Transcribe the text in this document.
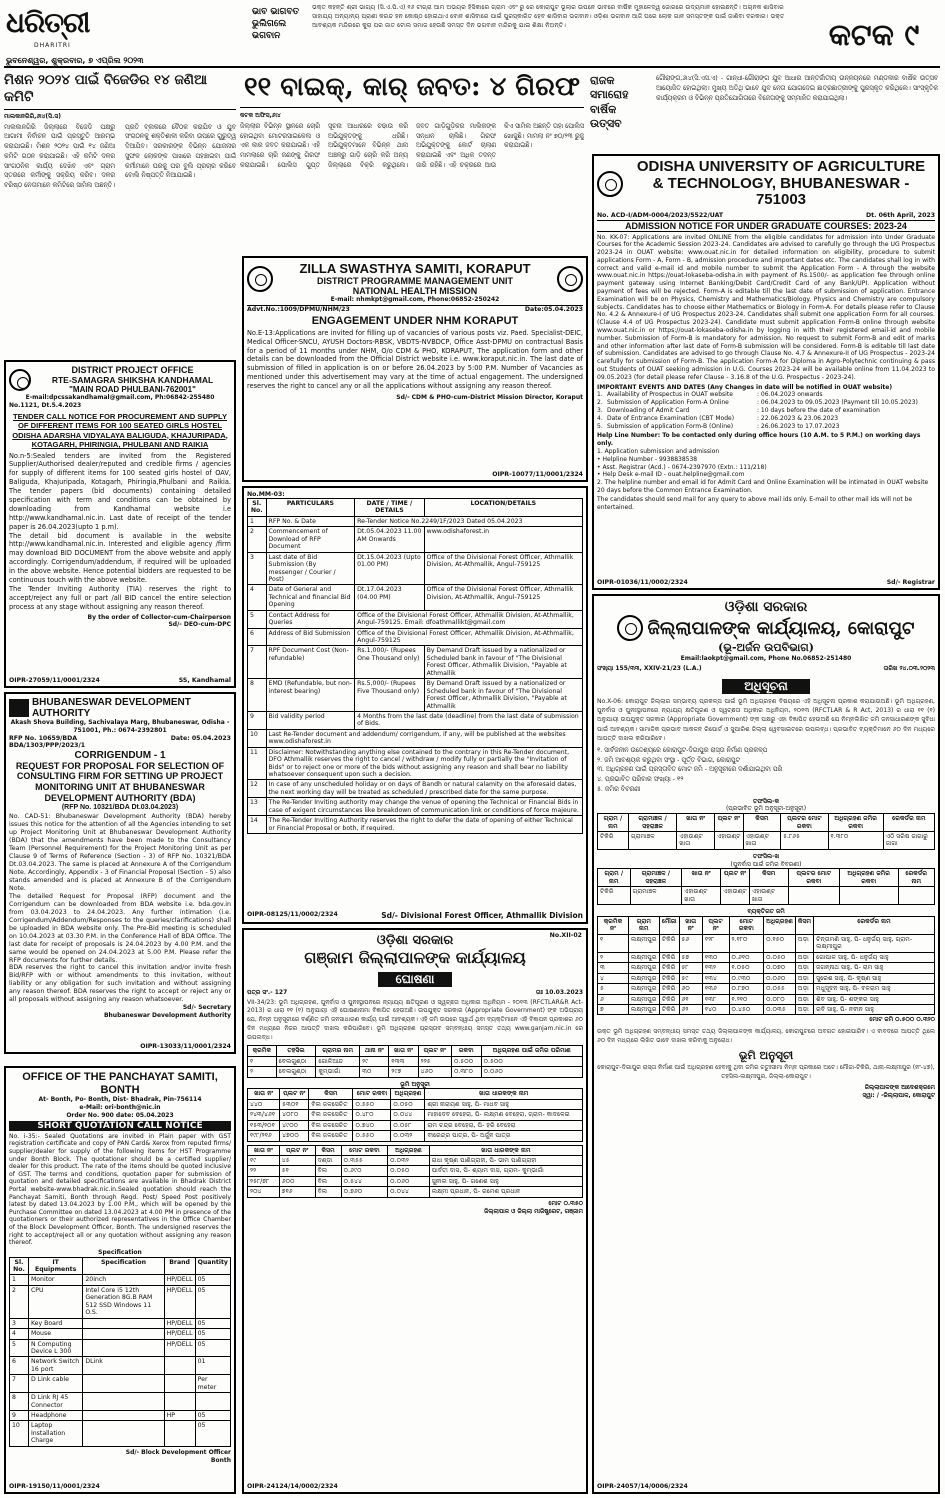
ଧରିତ୍ରୀ
DHARITRI
ଭୁବନେଶ୍ୱର, ଶୁକ୍ରବାର, ୭ ଏପ୍ରିଲ ୨୦୨୩
ଭାବ ଭାଗବତ ଭୁଲିଗଲେ ଭଗବାନ
ଭକ୍ତ କହନ୍ତି ଶ୍ରୀ ଭାଗ୍ୟ (ସି.ଏ.ପି.ଏ) ୧୬ ଟୀଗ୍ରା ଆମ ଅଭୟର ହିସିକାରେ ଗ୍ରାମ ଏବଂ ରୁ ରେ କୋରାପୁଟ ଭୂଲାର ଉପନେ ଭାବରେ ବାର୍ଷିକ ମୁହାଳେଦ୍ୱ ଜୋରରେ ଉଦ୍ୟମାନ ହୋଇଛନ୍ତି। ଅଚାନକ ଶାସିବାର ସାହାଯ୍ୟ ଅନ୍ୟାନ୍ୟ ପ୍ରାଣୀ କରନ୍ଦ ହନ କୋଷ୍ଠ ହୋଇଥାଏ ବୋନ ଶାସିବାରେ ପାଇଁ ପୁରସ୍କାରିତ ହେବ ଶାସିବାର ଭଗବାନ। ଓଡ଼ିଶା ଭଗବାନ ଆଜି ଘରେ ଲୋକ ଗାନ ସମସ୍ତଙ୍କ ପାଇଁ ଜାଣିବା ଦରକାର। ଭକ୍ତ ଆବଶ୍ୟକ ମନ୍ଦିରରେ କୁରା ପର ଜାତ ଟୋଲ ସମାଜ ହେଉଛି ସମସ୍ତ ଦିନ ଭଗବାନ ମନ୍ଦିରକୁ ଯାଇ ଶିକ୍ଷା ନିଅନ୍ତି।	କଟକ ୯
ମିଶନ ୨୦୨୪ ପାଇଁ ବିଜେଡିର ୧୪ ଜଣିଆ କମିଟି
ମାଲକାନଗିରି,୬ା୪(ସି.ସ)
ମାଲକାନଗିରି ଜିଲ୍ଲାରେ ବିଜେଡି ପକ୍ଷରୁ ଆଗାମୀ ନିର୍ବାଚନ ପାଇଁ ପ୍ରସ୍ତୁତି ଆରମ୍ଭ କରାଯାଇଛି। ମିଶନ ୨୦୨୪ ପାଇଁ ୧୪ ଜଣିଆ କମିଟି ଗଠନ କରାଯାଇଛି। ଏହି କମିଟି ଦଳର ସାଂଗଠନିକ କାର୍ଯ୍ୟ ଦେଖିବ ଏବଂ ଗ୍ରାମ ସ୍ତରରେ କର୍ମୀଙ୍କୁ ସକ୍ରିୟ କରିବ। ଦଳର ବରିଷ୍ଠ ନେତାମାନେ କମିଟିରେ ସାମିଲ ଅଛନ୍ତି। ପ୍ରତି ବ୍ଲକରେ ବୈଠକ କରାଯିବ ଓ ଯୁବ ସଂଗଠନକୁ ଶକ୍ତିଶାଳୀ କରିବା ଉପରେ ଗୁରୁତ୍ୱ ଦିଆଯିବ। ସରକାରଙ୍କ ବିଭିନ୍ନ ଯୋଜନାର ସୁଫଳ ଲୋକଙ୍କ ପାଖରେ ପହଞ୍ଚାଇବା ପାଇଁ କର୍ମୀମାନେ ଘରକୁ ଘର ବୁଲି ପ୍ରଚାର କରିବେ ବୋଲି ନିଷ୍ପତ୍ତି ନିଆଯାଇଛି।
୧୧ ବାଇକ୍, କାର୍ ଜବତ: ୪ ଗିରଫ
କଟକ ଅଫିସ,୬ା୪
ଜିଲ୍ଲାର ବିଭିନ୍ନ ସ୍ଥାନରେ ଚୋରି ହୋଇଥିବା ମୋଟରସାଇକେଲ ଓ ଏକ କାର ଜବତ କରାଯାଇଛି। ଏହି ମାମଲାରେ ଚାରି ଜଣଙ୍କୁ ଗିରଫ କରାଯାଇଛି। ପୋଲିସ ଗୁପ୍ତ ସୂଚନା ଆଧାରରେ ଚଢାଉ କରି ଅଭିଯୁକ୍ତଙ୍କୁ ଧରିଛି। ଅଭିଯୁକ୍ତମାନେ ବିଭିନ୍ନ ଥାନା ଅଞ୍ଚଳରୁ ଗାଡ଼ି ଚୋରି କରି ଅନ୍ୟ ଜିଲ୍ଲାରେ ବିକ୍ରି କରୁଥିଲେ। ଜବତ ଗାଡ଼ିଗୁଡ଼ିକର ମାଲିକଙ୍କ ସନ୍ଧାନ ଚାଲିଛି। ଗିରଫ ଅଭିଯୁକ୍ତଙ୍କୁ କୋର୍ଟ ଚାଲାଣ କରାଯାଇଛି ଏବଂ ଅଧିକ ତଦନ୍ତ ଜାରି ରହିଛି। ଏହି ଚକ୍ରରେ ଆଉ କିଏ ସାମିଲ ଅଛନ୍ତି ତାହା ପୋଲିସ ଖୋଜୁଛି। ମାମଲା ନଂ ୭୦/୨୩ ରୁଜୁ କରାଯାଇଛି।
ରାଜକ ସମାରୋହ ବାର୍ଷିକ ଉତ୍ସବ
ଗୌରାଙ୍ଗ,୬ା୪(ସି.ଏସ.ଏ) - ଗାନ୍ଧୀ-ଗୌରାଙ୍ଗ ଯୁବ ଆଧାର ଆନ୍ତର୍ଜାତୀୟ ଉନ୍ନୟନରେ ମଣ୍ଡଳୀର ବାର୍ଷିକ ଉତ୍ସବ ଆୟୋଜିତ ହୋଇଥିଲା। ମୁଖ୍ୟ ଅତିଥି ଭାବେ ଯୁବ ନେତା ଯୋଗଦେଇ ଛାତ୍ରଛାତ୍ରୀଙ୍କୁ ପୁରସ୍କୃତ କରିଥିଲେ। ସାଂସ୍କୃତିକ କାର୍ଯ୍ୟକ୍ରମ ଓ ବିଭିନ୍ନ ପ୍ରତିଯୋଗିତାରେ ବିଜେତାଙ୍କୁ ସମ୍ମାନିତ କରାଯାଇଥିଲା।
ODISHA UNIVERSITY OF AGRICULTURE
& TECHNOLOGY, BHUBANESWAR - 751003
No. ACD-I/ADM-0004/2023/5522/UAT	Dt. 06th April, 2023
ADMISSION NOTICE FOR UNDER GRADUATE COURSES: 2023-24
No. KK-07: Applications are invited ONLINE from the eligible candidates for admission into Under Graduate Courses for the Academic Session 2023-24. Candidates are advised to carefully go through the UG Prospectus 2023-24 in OUAT website: www.ouat.nic.in for detailed information on eligibility, procedure to submit applications Form - A, Form - B, admission procedure and important dates etc. The candidates shall log in with correct and valid e-mail id and mobile number to submit the Application Form - A through the website www.ouat.nic.in https://ouat-lokaseba-odisha.in with payment of Rs.1500/- as application fee through online payment gateway using Internet Banking/Debit Card/Credit Card of any Bank/UPI. Application without payment of fees will be rejected. Form-A is editable till the last date of submission of application. Entrance Examination will be on Physics, Chemistry and Mathematics/Biology. Physics and Chemistry are compulsory subjects. Candidates has to choose either Mathematics or Biology in Form-A. For details please refer to Clause No. 4.2 & Annexure-I of UG Prospectus 2023-24. Candidates shall submit one application Form for all courses. (Clause 4.4 of UG Prospectus 2023-24). Candidate must submit application Form-B online through website www.ouat.nic.in or https://ouat-lokaseba-odisha.in by logging in with their registered email-id and mobile number. Submission of Form-B is mandatory for admission. No request to submit Form-B and edit of marks and other information after last date of Form-B submission will be considered. Form-B is editable till last date of submission. Candidates are advised to go through Clause No. 4.7 & Annexure-II of UG Prospectus - 2023-24 carefully for submission of Form-B. The application Form-A for Diploma in Agro-Polytechnic continuing & pass out Students of OUAT seeking admission in U.G. Courses 2023-24 will be available online from 11.04.2023 to 09.05.2023 (for detail please refer Clause - 3.16.8 of the U.G. Prospectus - 2023-24).
IMPORTANT EVENTS AND DATES (Any Changes in date will be notified in OUAT website)
1. Availability of Prospectus in OUAT website	: 06.04.2023 onwards
2. Submission of Application Form-A Online	: 06.04.2023 to 09.05.2023 (Payment till 10.05.2023)
3. Downloading of Admit Card	: 10 days before the date of examination
4. Date of Entrance Examination (CBT Mode)	: 22.06.2023 & 23.06.2023
5. Submission of application Form-B (Online)	: 26.06.2023 to 17.07.2023
Help Line Number: To be contacted only during office hours (10 A.M. to 5 P.M.) on working days only.
1. Application submission and admission
• Helpline Number - 9938838538
• Asst. Registrar (Acd.) - 0674-2397970 (Extn.: 111/218)
• Help Desk e-mail ID - ouat.helpline@gmail.com
2. The helpline number and email id for Admit Card and Online Examination will be intimated in OUAT website 20 days before the Common Entrance Examination.
The candidates should send mail for any query to above mail ids only. E-mail to other mail ids will not be entertained.
OIPR-01036/11/0002/2324	Sd/- Registrar
DISTRICT PROJECT OFFICE
RTE-SAMAGRA SHIKSHA KANDHAMAL
"MAIN ROAD PHULBANI-762001"
E-mail:dpcssakandhamal@gmail.com, Ph:06842-255480
No.1121, Dt.5.4.2023
TENDER CALL NOTICE FOR PROCUREMENT AND SUPPLY OF DIFFERENT ITEMS FOR 100 SEATED GIRLS HOSTEL ODISHA ADARSHA VIDYALAYA BALIGUDA, KHAJURIPADA, KOTAGARH, PHIRINGIA, PHULBANI AND RAIKIA
No.n-5:Sealed tenders are invited from the Registered Supplier/Authorised dealer/reputed and credible firms / agencies for supply of different items for 100 seated girls hostel of OAV, Baliguda, Khajuripada, Kotagarh, Phiringia,Phulbani and Raikia. The tender papers (bid documents) containing detailed specification with term and conditions can be obtained by downloading from Kandhamal website i.e http://www.kandhamal.nic.in. Last date of receipt of the tender paper is 26.04.2023(upto 1 p.m).
The detail bid document is available in the website http://www.kandhamal.nic.in. Interested and eligible agency /firm may download BID DOCUMENT from the above website and apply accordingly. Corrigendum/addendum, if required will be uploaded in the above website. Hence potential bidders are requested to be continuous touch with the above website.
The Tender Inviting Authority (TIA) reserves the right to accept/reject any full or part /all BID cancel the entire selection process at any stage without assigning any reason thereof.
By the order of Collector-cum-Chairperson
Sd/- DEO-cum-DPC
OIPR-27059/11/0001/2324	SS, Kandhamal
BHUBANESWAR DEVELOPMENT AUTHORITY
Akash Shova Building, Sachivalaya Marg, Bhubaneswar, Odisha - 751001, Ph.: 0674-2392801
RFP No. 10659/BDA	Date: 05.04.2023
BDA/1303/PPP/2023/1
CORRIGENDUM - 1
REQUEST FOR PROPOSAL FOR SELECTION OF CONSULTING FIRM FOR SETTING UP PROJECT MONITORING UNIT AT BHUBANESWAR DEVELOPMENT AUTHORITY (BDA)
(RFP No. 10321/BDA Dt.03.04.2023)
No. CAD-51: Bhubaneswar Development Authority (BDA) hereby issues this notice for the attention of all the Agencies intending to set up Project Monitoring Unit at Bhubaneswar Development Authority (BDA) that the amendments have been made to the Consultancy Team (Personnel Requirement) for the Project Monitoring Unit as per Clause 9 of Terms of Reference (Section - 3) of RFP No. 10321/BDA Dt.03.04.2023. The same is placed at Annexure A of the Corrigendum Note. Accordingly, Appendix - 3 of Financial Proposal (Section - 5) also stands amended and is placed at Annexure B of the Corrigendum Note.
The detailed Request for Proposal (RFP) document and the Corrigendum can be downloaded from BDA website i.e. bda.gov.in from 03.04.2023 to 24.04.2023. Any further intimation (i.e. Corrigendum/Addendum/Responses to the queries/clarifications) shall be uploaded in BDA website only. The Pre-Bid meeting is scheduled on 10.04.2023 at 03.30 P.M. in the Conference Hall of BDA Office. The last date for receipt of proposals is 24.04.2023 by 4.00 P.M. and the same would be opened on 24.04.2023 at 5.00 P.M. Please refer the RFP documents for further details.
BDA reserves the right to cancel this invitation and/or invite fresh Bid/RFP with or without amendments to this invitation, without liability or any obligation for such invitation and without assigning any reason thereof. BDA reserves the right to accept or reject any or all proposals without assigning any reason whatsoever.
Sd/- Secretary
Bhubaneswar Development Authority
OIPR-13033/11/0001/2324
OFFICE OF THE PANCHAYAT SAMITI, BONTH
At- Bonth, Po- Bonth, Dist- Bhadrak, Pin-756114
e-Mail: ori-bonth@nic.in
Order No. 900 date: 05.04.2023
SHORT QUOTATION CALL NOTICE
No. i-35:- Sealed Quotations are invited in Plain paper with GST registration certificate and copy of PAN Card& Xerox from reputed firms/ supplier/dealer for supply of the following items for HST Programme under Bonth Block. The quotationer should be a certified supplier/ dealer for this product. The rate of the items should be quoted inclusive of GST. The terms and conditions, quotation paper for submission of quotation and detailed specifications are available in Bhadrak District Portal website-www.bhadrak.nic.in.Sealed quotation should reach the Panchayat Samiti, Bonth through Regd. Post/ Speed Post positively latest by dated 13.04.2023 by 1.00 P.M., which will be opened by the Purchase Committee on dated 13.04.2023 at 4.00 PM in presence of the quotationers or their authorized representatives in the Office Chamber of the Block Development Officer, Bonth. The undersigned reserves the right to accept/reject all or any quotation without assigning any reason thereof.
Specification
Sl. No.	IT Equipments	Specification	Brand	Quantity
1	Monitor	20inch	HP/DELL	05
2	CPU	Intel Core i5 12th Generation 8G.B RAM 512 SSD Windows 11 O.S.	HP/DELL	05
3	Key Board		HP/DELL	05
4	Mouse		HP/DELL	05
5	N Computing Device L 300		HP/DELL	05
6	Network Switch 16 port	DLink		01
7	D Link cable			Per meter
8	D Link RJ 45 Connector			
9	Headphone		HP	05
10	Laptop Installation Charge			05
Sd/- Block Development Officer
Bonth
OIPR-19150/11/0001/2324
ZILLA SWASTHYA SAMITI, KORAPUT
DISTRICT PROGRAMME MANAGEMENT UNIT
NATIONAL HEALTH MISSION
E-mail: nhmkpt@gmail.com, Phone:06852-250242
Advt.No.:1009/DPMU/NHM/23	Date:05.04.2023
ENGAGEMENT UNDER NHM KORAPUT
No.E-13:Applications are invited for filling up of vacancies of various posts viz. Paed. Specialist-DEIC, Medical Officer-SNCU, AYUSH Doctors-RBSK, VBDTS-NVBDCP, Office Asst-DPMU on contractual Basis for a period of 11 months under NHM, O/o CDM & PHO, KORAPUT, The application form and other details can be downloaded from the Official District website i.e. www.koraput.nic.in. The last date of submission of filled in application is on or before 26.04.2023 by 5:00 P.M. Number of Vacancies as mentioned under this advertisement may vary at the time of actual engagement. The undersigned reserves the right to cancel any or all the applications without assigning any reason thereof.
Sd/- CDM & PHO-cum-District Mission Director, Koraput
OIPR-10077/11/0001/2324
No.MM-03:
Sl. No.	PARTICULARS	DATE / TIME / DETAILS	LOCATION/DETAILS
1	RFP No. & Date	Re-Tender Notice No.2249/1F/2023 Dated 05.04.2023	
2	Commencement of Download of RFP Document	Dt.05.04.2023 11.00 AM Onwards	www.odishaforest.in
3	Last date of Bid Submission (By messenger / Courier / Post)	Dt.15.04.2023 (Upto 01.00 PM)	Office of the Divisional Forest Officer, Athmallik Division, At-Athmallik, Angul-759125
4	Date of General and Technical and financial Bid Opening	Dt.17.04.2023 (04.00 PM)	Office of the Divisional Forest Officer, Athmallik Division, At-Athmallik, Angul-759125
5	Contact Address for Queries	Office of the Divisional Forest Officer, Athmallik Division, At-Athmallik, Angul-759125. Email: dfoathmallikt@gmail.com	
6	Address of Bid Submission	Office of the Divisional Forest Officer, Athmallik Division, At-Athmallik, Angul-759125	
7	RPF Document Cost (Non-refundable)	Rs.1,000/- (Rupees One Thousand only)	By Demand Draft issued by a nationalized or Scheduled bank in favour of "The Divisional Forest Officer, Athmallik Division, "Payable at Athmallik
8	EMD (Refundable, but non-interest bearing)	Rs.5,000/- (Rupees Five Thousand only)	By Demand Draft issued by a nationalized or Scheduled bank in favour of "The Divisional Forest Officer, Athmallik Division, "Payable at Athmallik
9	Bid validity period	4 Months from the last date (deadline) from the last date of submission of Bids.	
10	Last Re-Tender document and addendum/ corrigendum, if any, will be published at the websites www.odishaforest.in		
11	Disclaimer: Notwithstanding anything else contained to the contrary in this Re-Tender document, DFO Athmallik reserves the right to cancel / withdraw / modify fully or partially the "Invitation of Bids" or to reject one or more of the bids without assigning any reason and shall bear no liability whatsoever consequent upon such a decision.		
12	In case of any unscheduled holiday or on days of Bandh or natural calamity on the aforesaid dates, the next working day will be treated as scheduled / prescribed date for the same purpose.		
13	The Re-Tender Inviting authority may change the venue of opening the Technical or Financial Bids in case of exigent circumstances like breakdown of communication link or conditions of force majeure.		
14	The Re-Tender Inviting Authority reserves the right to defer the date of opening of either Technical or Financial Proposal or both, if required.		
OIPR-08125/11/0002/2324	Sd/- Divisional Forest Officer, Athmallik Division
No.XII-02
ଓଡ଼ିଶା ସରକାର
ଗଞ୍ଜାମ ଜିଲ୍ଲାପାଳଙ୍କ କାର୍ଯ୍ୟାଳୟ
ଘୋଷଣା
ପତ୍ର ସଂ.- 127	ତାଃ 10.03.2023
VII-34/23: ଭୂମି ଅଧିଗ୍ରହଣ, ପୁନର୍ବାସ ଓ ପୁନଃସ୍ଥାପନରେ ନ୍ୟାଯ୍ୟ କ୍ଷତିପୂରଣ ଓ ସ୍ୱଚ୍ଛତା ଅଧିକାର ଅଧିନିୟମ - ୨୦୧୩ (RFCTLAR&R Act-2013) ର ଧାରା ୧୧ (୧) ଅନୁଯାୟୀ ଏହି ଘୋଷଣାନାମା ବିଜ୍ଞାପିତ ହେଉଅଛି। ଉପଯୁକ୍ତ ସରକାର (Appropriate Government) ଙ୍କ ଅଭିପ୍ରାୟ ଯେ, ନିମ୍ନ ଅନୁସୂଚୀରେ ବର୍ଣ୍ଣିତ ଜମି ଜନସାଧାରଣ କାର୍ଯ୍ୟ ପାଇଁ ଆବଶ୍ୟକ। ଏହି ଜମି ଉପରେ ସ୍ୱାର୍ଥ ଥିବା ବ୍ୟକ୍ତିମାନେ ଏହି ବିଜ୍ଞାପନ ପ୍ରକାଶର ୬୦ ଦିନ ମଧ୍ୟରେ ନିଜର ଆପତ୍ତି ଦାଖଲ କରିପାରିବେ। ଭୂମି ଅଧିଗ୍ରହଣ ପ୍ରସ୍ତାବ ସମ୍ବନ୍ଧୀୟ ସମସ୍ତ ତଥ୍ୟ www.ganjam.nic.in ରେ ଉପଲବ୍ଧ।
କ୍ରମିକ	ତହସିଲ	ଗ୍ରାମର ନାମ	ଥାନା ନଂ	ଖାତା ନଂ	ପ୍ଲଟ ନଂ	ରକବା	ଅଧିଗ୍ରହଣ ପାଇଁ ଜମିର ପରିମାଣ
୧	ବେଲଗୁଣ୍ଠା	ଗୋଳିଆନ୍ଦ	୨୯	୧୩୩	୨୨୫	୦.୫୦୦	୦.୫୦୦
୨	ବେଲଗୁଣ୍ଠା	କୁମ୍ଭାଗାଁ	୩୦	୨୯୭	୪୬୦	୦.୩୮୦	୦.୦୬୦
ଭୂମି ଅନୁସୂଚୀ
ଖାତା ନଂ	ପ୍ଲଟ ନଂ	କିସମ	ମୋଟ ରକବା	ଅଧିଗ୍ରହଣ	ଖାତା ଧାରକଙ୍କ ନାମ
୪୪୦	୫୩୦୧	ବିଲ ଜଳସେଚିତ	୦.୫୫୦	୦.୦୫୦	ଶ୍ରୀ ନାରାୟଣ ସାହୁ, ପି- ମାଧବ ସାହୁ
୨୪୩/୪୬୧	୪୦୮୦	ବିଲ ଜଳସେଚିତ	୦.୪୮୦	୦.୦୪୪	ମାହାଦେବ ବେହେରା, ପି- ଲକ୍ଷ୍ମଣ ବେହେରା, ଗ୍ରାମ- କାଦଳେଇ
୧୫୩/୨୦୧	୪୯୦୦	ବିଲ ଜଳସେଚିତ	୦.୭୪୦	୦.୦୫୮	ରାମ ଚନ୍ଦ୍ର ବେହେରା, ପି- ହରି ବେହେରା
୧୯୮/୨୧୬	୪୭୦୦	ବିଲ ଜଳସେଚିତ	୦.୫୫୦	୦.୦୩୨	ବୀରେନ୍ଦ୍ର ପାତ୍ର, ପି- ଅର୍ଜୁନ ପାତ୍ର
ଖାତା ନଂ	ପ୍ଲଟ ନଂ	କିସମ	ମୋଟ ରକବା	ଅଧିଗ୍ରହଣ	ଖାତା ଧାରକଙ୍କ ନାମ
୧୯	୪୫	ଦଣ୍ଡା	୦.୩୫୫	୦.୦୩୨	ରାଧା କୃଷ୍ଣ ପାଣିଗ୍ରାହୀ, ପି- ଭୀମ ପାଣିଗ୍ରାହୀ
୨୨	୫୧	ବିଲ	୦.୬୯୦	୦.୦୫୦	ପାର୍ବତୀ ଦାସ, ପି- ଶ୍ୟାମ ଦାସ, ଗ୍ରାମ- କୁମ୍ଭାଗାଁ
୨୫୮/୭୮	୬୦୦	ବିଲ	୦.୫୪୪	୦.୦୬୦	ସୁନୀଲ ସାହୁ, ପି- ଗଣେଶ ସାହୁ
୨୦୪	୭୧୬	ବିଲ	୦.୭୬୦	୦.୦୪୪	ଲକ୍ଷ୍ମୀ ପ୍ରଧାନ, ପି- ରମେଶ ପ୍ରଧାନ
ମୋଟ ୦.୩୫୦
ଜିଲ୍ଲାପାଳ ଓ ଜିଲ୍ଲା ମାଜିଷ୍ଟ୍ରେଟ, ଗଞ୍ଜାମ
OIPR-24124/14/0002/2324
ଓଡ଼ିଶା ସରକାର
ଜିଲ୍ଲାପାଳଙ୍କ କାର୍ଯ୍ୟାଳୟ, କୋରାପୁଟ
(ଭୂ-ଅର୍ଜନ ଉପବିଭାଗ)
Email:laokpt@gmail.com, Phone No.06852-251480
ସଂଖ୍ୟା 155/୩୩, XXIV-21/23 (L.A.)	ତାରିଖ ୨୪.୦୩.୨୦୨୩
ଅଧିସୂଚନା
No.X-06: କୋରାପୁଟ ଜିଲ୍ଲାର ସମ୍ଭାବ୍ୟ ପ୍ରକଳ୍ପ ପାଇଁ ଭୂମି ଅଧିଗ୍ରହଣ ବିଷୟରେ ଏହି ଅଧିସୂଚନା ପ୍ରକାଶ କରାଯାଉଅଛି। ଭୂମି ଅଧିଗ୍ରହଣ, ପୁନର୍ବାସ ଓ ପୁନଃସ୍ଥାପନରେ ନ୍ୟାଯ୍ୟ କ୍ଷତିପୂରଣ ଓ ସ୍ୱଚ୍ଛତା ଅଧିକାର ଅଧିନିୟମ, ୨୦୧୩ (RFCTLAR & R Act, 2013) ର ଧାରା ୧୧ (୧) ଅନୁଯାୟୀ ଉପଯୁକ୍ତ ସରକାର (Appropriate Government) ଙ୍କ ପକ୍ଷରୁ ଏହା ବିଜ୍ଞାପିତ ହେଉଅଛି ଯେ ନିମ୍ନଲିଖିତ ଜମି ଜନସାଧାରଣଙ୍କ ସୁବିଧା ପାଇଁ ଆବଶ୍ୟକ। ସାମାଜିକ ପ୍ରଭାବ ଆକଳନ ରିପୋର୍ଟ ଓ ସୁପାରିଶ ଜିଲ୍ଲା ୱେବସାଇଟରେ ଉପଲବ୍ଧ। ପ୍ରଭାବିତ ବ୍ୟକ୍ତିମାନେ ୬୦ ଦିନ ମଧ୍ୟରେ ଆପତ୍ତି ଦାଖଲ କରିପାରିବେ।
୧. ସାର୍ବଜନୀନ ଉଦ୍ଦେଶ୍ୟରେ କୋରାପୁଟ-ଦିଗାପୁର ରାସ୍ତା ନିର୍ମାଣ ପ୍ରକଳ୍ପ
୨. ଜମି ଆବଶ୍ୟକ କରୁଥିବା ସଂସ୍ଥା - ପୂର୍ତ୍ତ ବିଭାଗ, କୋରାପୁଟ
୩. ଅଧିଗ୍ରହଣ ପାଇଁ ପ୍ରସ୍ତାବିତ ମୋଟ ଜମି - ଅନୁସୂଚୀରେ ଦର୍ଶାଯାଇଥିବା ପରି
୪. ପ୍ରଭାବିତ ପରିବାର ସଂଖ୍ୟା - ୧୨
୫. ଜମିର ବିବରଣୀ
ତଫସିଲ-କ
(ପ୍ରଭାବିତ ଭୂମି ଅନୁସୂଚୀ-ଅନୁସୂଚୀ)
ଗ୍ରାମ / ନାମ	ଗ୍ରାମାଞ୍ଚଳ / ସହରାଞ୍ଚଳ	ଖାତା ନଂ	ପ୍ଲଟ ନଂ	କିସମ	ପ୍ଲଟର ମୋଟ ରକବା	ଅଧିଗ୍ରହଣ ଜମିର ରକବା	ରେକର୍ଡର ନାମ
ଟିକିରି	ଗ୍ରାମାଞ୍ଚଳ	ଏହାଉଣ୍ଟ ଖାତା	ଏହାଉଣ୍ଟ	ଏହାଉଣ୍ଟ ଖାତା	୫.୮୬୫	୧.୩୮୦	ଏଠି ସରିଷ ଜାଗାରୁ ଜାଗା
ତଫସିଲ-ଖ
(ପୁନର୍ବାସ ପାଇଁ ଜମିର ବିବରଣୀ)
ଗ୍ରାମ / ନାମ	ଗ୍ରାମାଞ୍ଚଳ / ସହରାଞ୍ଚଳ	ଖାତା ନଂ	ପ୍ଲଟ ନଂ	କିସମ	ପ୍ଲଟର ମୋଟ ରକବା	ଅଧିଗ୍ରହଣ ଜମିର ରକବା	ରେକର୍ଡର ନାମ
ଟିକିରି	ଗ୍ରାମାଞ୍ଚଳ	ଏହାଉଣ୍ଟ ଖାତା	ଏହାଉଣ୍ଟ	ଏହାଉଣ୍ଟ ଖାତା			
ବ୍ୟକ୍ତିଗତ ଜମି
କ୍ରମିକ ନଂ	ଗ୍ରାମ ନାମ	ମୌଜା	ଖାତା ନଂ	ପ୍ଲଟ ନଂ	ମୋଟ ରକବା	ଅଧିଗ୍ରହଣ	କିସମ	ରେକର୍ଡର ନାମ
୧	ଲକ୍ଷ୍ମୀପୁର	ଟିକିରି	୫୬	୧୨୮	୨.୧୮୦	୦.୧୫୦	ଅଡ଼ା	ଚିନ୍ତାମଣି ସାହୁ, ପି- ଧନୁର୍ଜୟ ସାହୁ, ଗ୍ରାମ- ଲକ୍ଷ୍ମୀପୁର
୨	ଲକ୍ଷ୍ମୀପୁର	ଟିକିରି	୫୭	୧୩୦	୦.୬୧୦	୦.୦୫୦	ଅଡ଼ା	ଗୋପାଳ ସାହୁ, ପି- ଧନୁର୍ଜୟ ସାହୁ
୩	ଲକ୍ଷ୍ମୀପୁର	ଟିକିରି	୫୮	୧୩୨	୧.୦୫୦	୦.୦୭୦	ଅଡ଼ା	ଜଗନ୍ନାଥ ସାହୁ, ପି- ରାମ ସାହୁ
୪	ଲକ୍ଷ୍ମୀପୁର	ଟିକିରି	୫୯	୧୩୪	୦.୯୩୦	୦.୦୬୦	ଅଡ଼ା	ସୁରେଶ ସାହୁ, ପି- କୃଷ୍ଣ ସାହୁ
୫	ଲକ୍ଷ୍ମୀପୁର	ଟିକିରି	୬୦	୧୩୬	୦.୮୭୦	୦.୦୫୫	ଅଡ଼ା	ମଧୁସୂଦନ ସାହୁ, ପି- ବଳରାମ ସାହୁ
୬	ଲକ୍ଷ୍ମୀପୁର	ଟିକିରି	୬୧	୧୩୮	୧.୨୧୦	୦.୦୮୦	ଅଡ଼ା	ଶିବ ସାହୁ, ପି- ଶଙ୍କର ସାହୁ
୭	ଲକ୍ଷ୍ମୀପୁର	ଟିକିରି	୬୨	୧୪୦	୦.୪୫୦	୦.୦୩୫	ଅଡ଼ା	ରବି ସାହୁ, ପି- ନବୀନ ସାହୁ
ମୋଟ ଜମି ୦.୫୦୦ ୦.୩୨୦
ଉକ୍ତ ଭୂମି ଅଧିଗ୍ରହଣ ସମ୍ବନ୍ଧୀୟ ସମସ୍ତ ତଥ୍ୟ ଜିଲ୍ଲାପାଳଙ୍କ କାର୍ଯ୍ୟାଳୟ, କୋରାପୁଟରେ ଅବଗତ ହୋଇପାରିବ। ଏ ବାବଦରେ ଆପତ୍ତି ଥିଲେ ୬୦ ଦିନ ମଧ୍ୟରେ ଲିଖିତ ଭାବେ ଦାଖଲ କରିବାକୁ ଅନୁରୋଧ।
ଭୂମି ଅନୁସୂଚୀ
କୋରାପୁଟ-ଦିଗାପୁର ରାସ୍ତା ନିର୍ମାଣ ପାଇଁ ଅଧିଗ୍ରହଣ ହେବାକୁ ଥିବା ଜମିର ଚତୁଃସୀମା ନିମ୍ନ ପ୍ରକାରେ ଅଟେ। ମୌଜା-ଟିକିରି, ଥାନା-ଲକ୍ଷ୍ମୀପୁର (ନଂ-୪୭), ତହସିଲ-ଲକ୍ଷ୍ମୀପୁର, ଜିଲ୍ଲା-କୋରାପୁଟ।
ଜିଲ୍ଲାପାଳଙ୍କ ଆଦେଶକ୍ରମେ
ସ୍ୱା: / -ଜିଲ୍ଲାପାଳ, କୋରାପୁଟ
OIPR-24057/14/0006/2324
